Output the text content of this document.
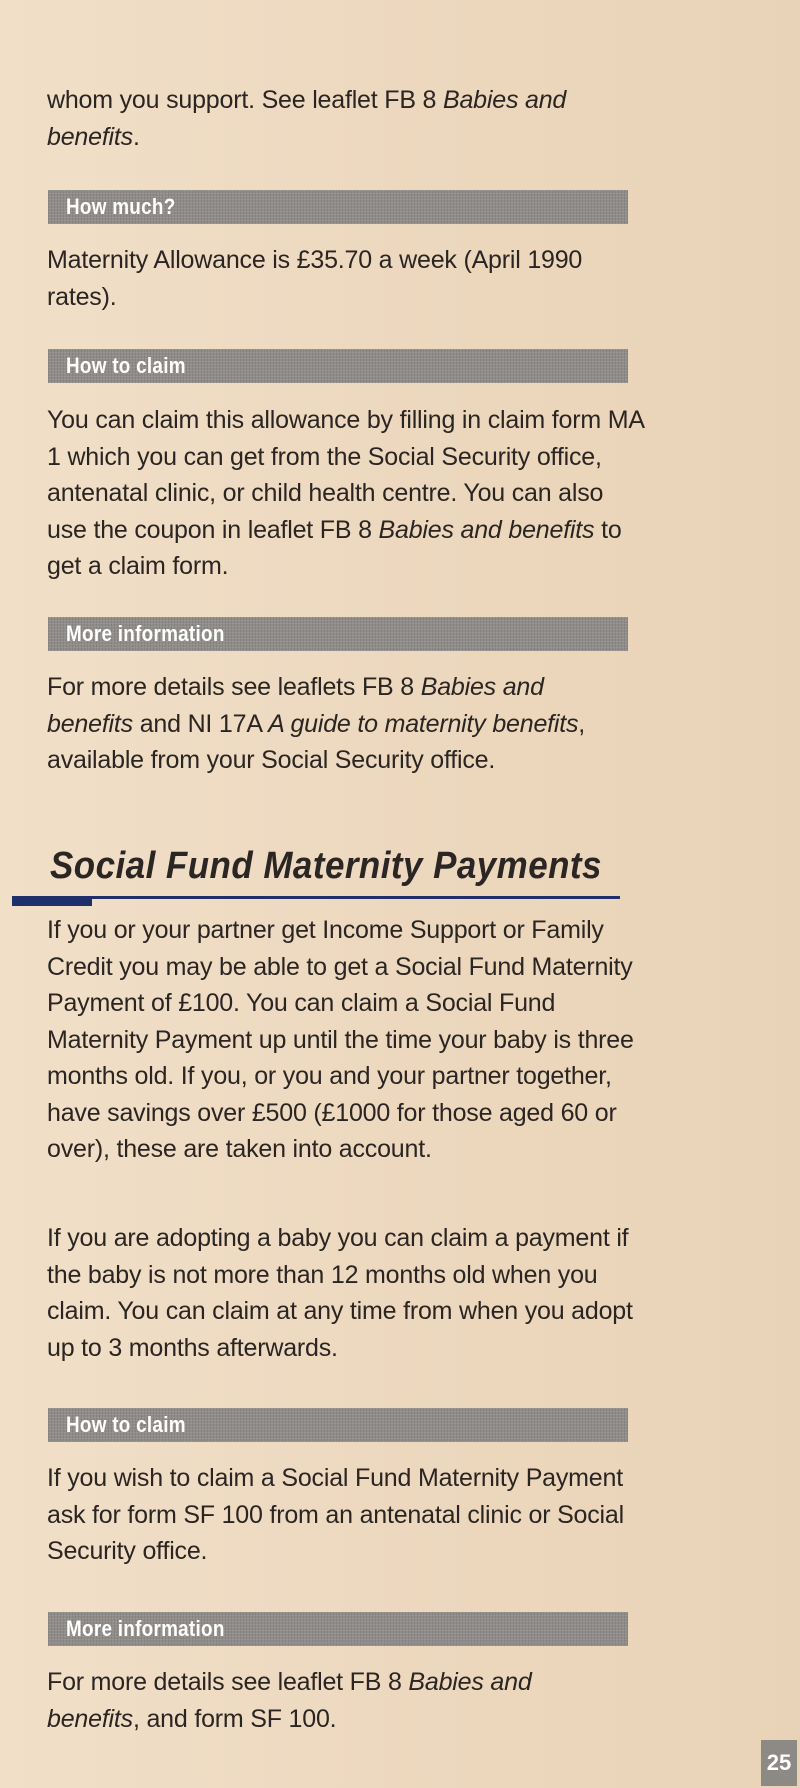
whom you support. See leaflet FB 8 Babies and benefits.
How much?
Maternity Allowance is £35.70 a week (April 1990 rates).
How to claim
You can claim this allowance by filling in claim form MA 1 which you can get from the Social Security office, antenatal clinic, or child health centre. You can also use the coupon in leaflet FB 8 Babies and benefits to get a claim form.
More information
For more details see leaflets FB 8 Babies and benefits and NI 17A A guide to maternity benefits, available from your Social Security office.
Social Fund Maternity Payments
If you or your partner get Income Support or Family Credit you may be able to get a Social Fund Maternity Payment of £100. You can claim a Social Fund Maternity Payment up until the time your baby is three months old. If you, or you and your partner together, have savings over £500 (£1000 for those aged 60 or over), these are taken into account.
If you are adopting a baby you can claim a payment if the baby is not more than 12 months old when you claim. You can claim at any time from when you adopt up to 3 months afterwards.
How to claim
If you wish to claim a Social Fund Maternity Payment ask for form SF 100 from an antenatal clinic or Social Security office.
More information
For more details see leaflet FB 8 Babies and benefits, and form SF 100.
25
